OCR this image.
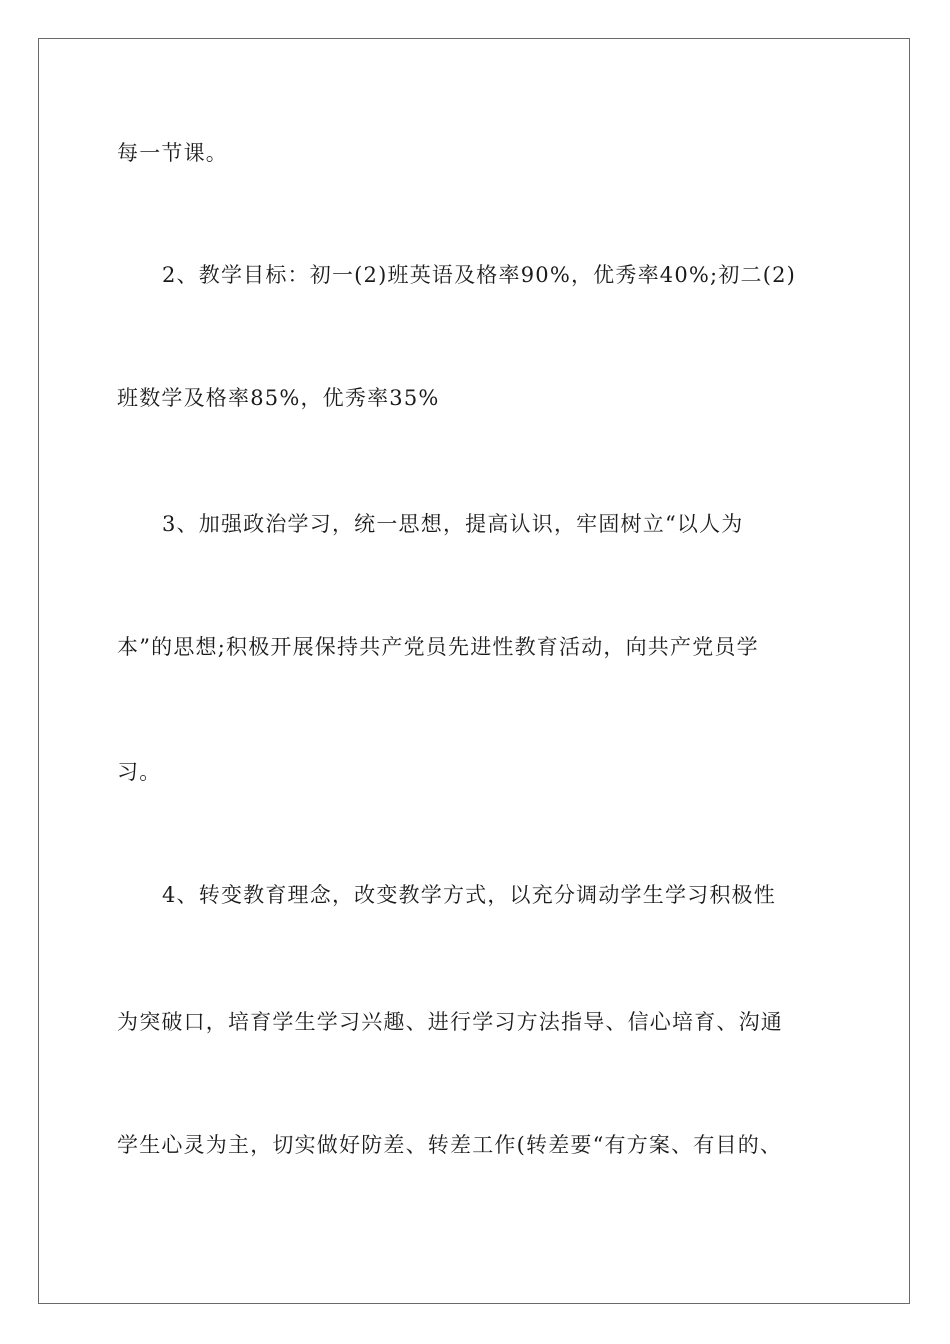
每一节课。
2、教学目标：初一(2)班英语及格率90%，优秀率40%;初二(2)
班数学及格率85%，优秀率35%
3、加强政治学习，统一思想，提高认识，牢固树立“以人为
本”的思想;积极开展保持共产党员先进性教育活动，向共产党员学
习。
4、转变教育理念，改变教学方式，以充分调动学生学习积极性
为突破口，培育学生学习兴趣、进行学习方法指导、信心培育、沟通
学生心灵为主，切实做好防差、转差工作(转差要“有方案、有目的、
